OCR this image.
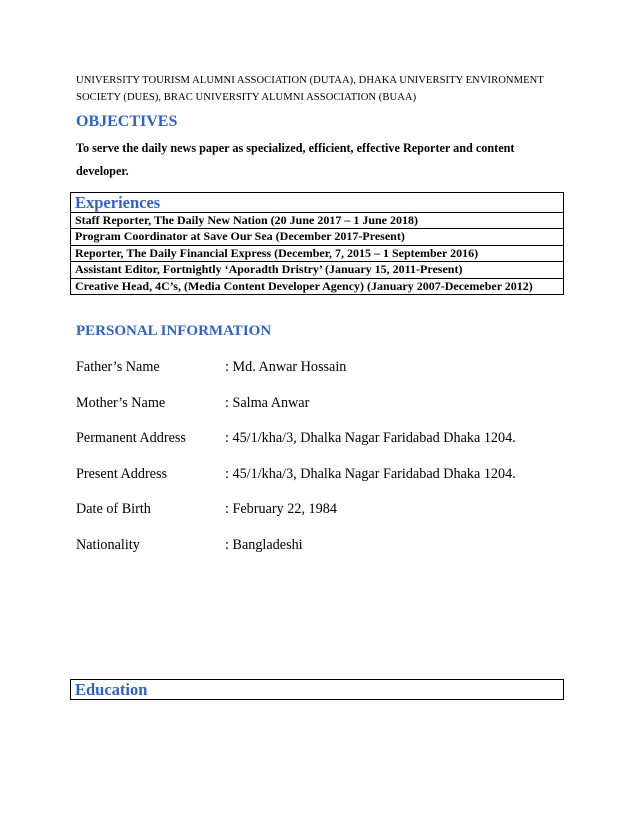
UNIVERSITY TOURISM ALUMNI ASSOCIATION (DUTAA), DHAKA UNIVERSITY ENVIRONMENT SOCIETY (DUES), BRAC UNIVERSITY ALUMNI ASSOCIATION (BUAA)
OBJECTIVES
To serve the daily news paper as specialized, efficient, effective Reporter and content developer.
Experiences
Staff Reporter, The Daily New Nation (20 June 2017 – 1 June 2018)
Program Coordinator at Save Our Sea (December 2017-Present)
Reporter, The Daily Financial Express (December, 7, 2015 – 1 September 2016)
Assistant Editor, Fortnightly ‘Aporadth Dristry’ (January 15, 2011-Present)
Creative Head, 4C’s, (Media Content Developer Agency) (January 2007-Decemeber 2012)
PERSONAL INFORMATION
Father’s Name	: Md. Anwar Hossain
Mother’s Name	: Salma Anwar
Permanent Address	: 45/1/kha/3, Dhalka Nagar Faridabad Dhaka 1204.
Present Address	: 45/1/kha/3, Dhalka Nagar Faridabad Dhaka 1204.
Date of Birth	: February 22, 1984
Nationality	: Bangladeshi
Education
